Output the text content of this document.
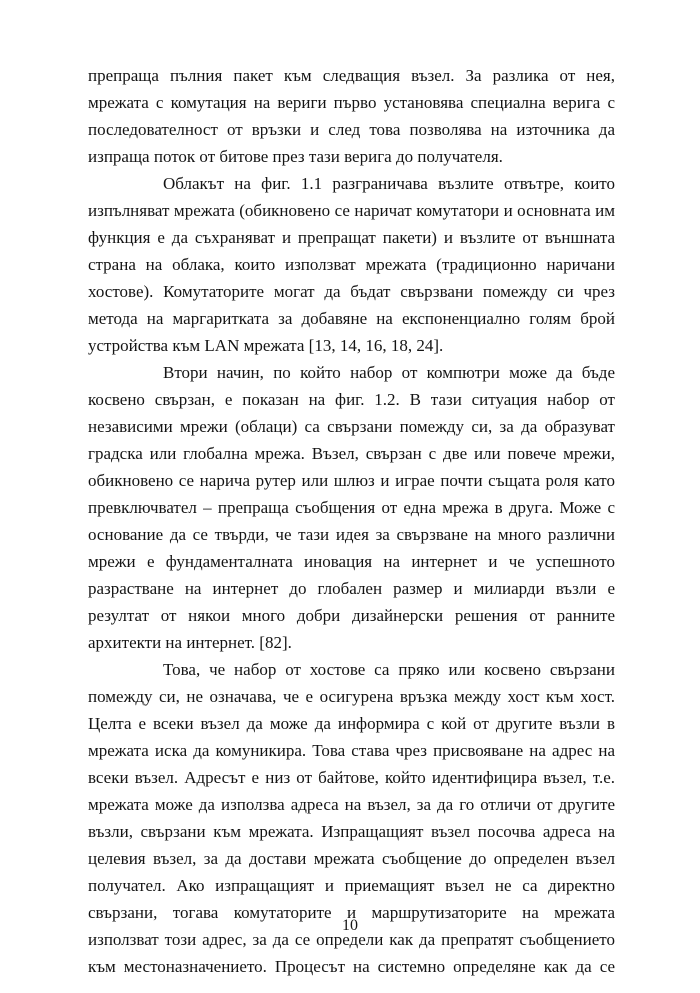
препраща пълния пакет към следващия възел. За разлика от нея, мрежата с комутация на вериги първо установява специална верига с последователност от връзки и след това позволява на източника да изпраща поток от битове през тази верига до получателя.

Облакът на фиг. 1.1 разграничава възлите отвътре, които изпълняват мрежата (обикновено се наричат комутатори и основната им функция е да съхраняват и препращат пакети) и възлите от външната страна на облака, които използват мрежата (традиционно наричани хостове). Комутаторите могат да бъдат свързвани помежду си чрез метода на маргаритката за добавяне на експоненциално голям брой устройства към LAN мрежата [13, 14, 16, 18, 24].

Втори начин, по който набор от компютри може да бъде косвено свързан, е показан на фиг. 1.2. В тази ситуация набор от независими мрежи (облаци) са свързани помежду си, за да образуват градска или глобална мрежа. Възел, свързан с две или повече мрежи, обикновено се нарича рутер или шлюз и играе почти същата роля като превключвател – препраща съобщения от една мрежа в друга. Може с основание да се твърди, че тази идея за свързване на много различни мрежи е фундаменталната иновация на интернет и че успешното разрастване на интернет до глобален размер и милиарди възли е резултат от някои много добри дизайнерски решения от ранните архитекти на интернет. [82].

Това, че набор от хостове са пряко или косвено свързани помежду си, не означава, че е осигурена връзка между хост към хост. Целта е всеки възел да може да информира с кой от другите възли в мрежата иска да комуникира. Това става чрез присвояване на адрес на всеки възел. Адресът е низ от байтове, който идентифицира възел, т.е. мрежата може да използва адреса на възел, за да го отличи от другите възли, свързани към мрежата. Изпращащият възел посочва адреса на целевия възел, за да достави мрежата съобщение до определен възел получател. Ако изпращащият и приемащият възел не са директно свързани, тогава комутаторите и маршрутизаторите на мрежата използват този адрес, за да се определи как да препратят съобщението към местоназначението. Процесът на системно определяне как да се

10
